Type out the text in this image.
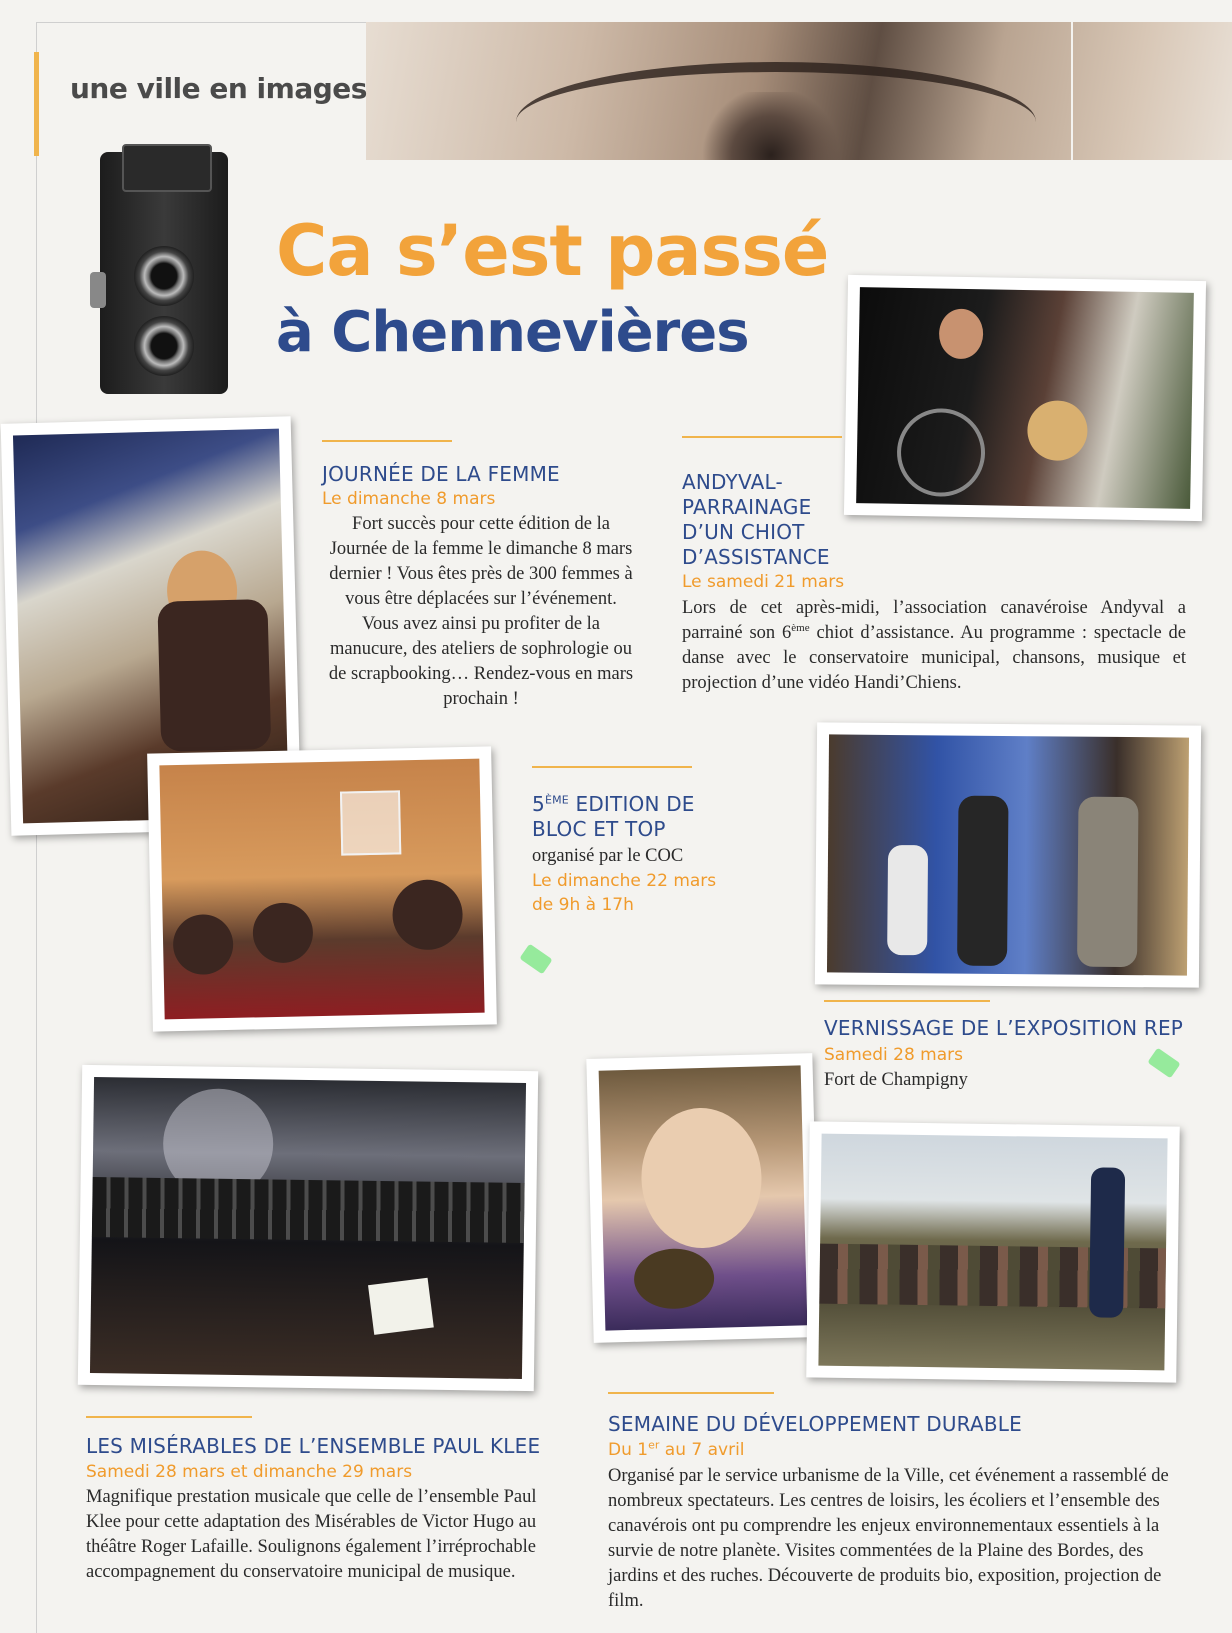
une ville en images
Ca s’est passé
à Chennevières
JOURNÉE DE LA FEMME
Le dimanche 8 mars
Fort succès pour cette édition de la Journée de la femme le dimanche 8 mars dernier ! Vous êtes près de 300 femmes à vous être déplacées sur l’événement. Vous avez ainsi pu profiter de la manucure, des ateliers de sophrologie ou de scrapbooking… Rendez-vous en mars prochain !
ANDYVAL-
PARRAINAGE
D’UN CHIOT
D’ASSISTANCE
Le samedi 21 mars
Lors de cet après-midi, l’association canavéroise Andyval a parrainé son 6ème chiot d’assistance. Au programme : spectacle de danse avec le conservatoire municipal, chansons, musique et projection d’une vidéo Handi’Chiens.
5ÈME EDITION DE
BLOC ET TOP
organisé par le COC
Le dimanche 22 mars
de 9h à 17h
VERNISSAGE DE L’EXPOSITION REP
Samedi 28 mars
Fort de Champigny
LES MISÉRABLES DE L’ENSEMBLE PAUL KLEE
Samedi 28 mars et dimanche 29 mars
Magnifique prestation musicale que celle de l’ensemble Paul Klee pour cette adaptation des Misérables de Victor Hugo au théâtre Roger Lafaille. Soulignons également l’irréprochable accompagnement du conservatoire municipal de musique.
SEMAINE DU DÉVELOPPEMENT DURABLE
Du 1er au 7 avril
Organisé par le service urbanisme de la Ville, cet événement a rassemblé de nombreux spectateurs. Les centres de loisirs, les écoliers et l’ensemble des canavérois ont pu comprendre les enjeux environnementaux essentiels à la survie de notre planète. Visites commentées de la Plaine des Bordes, des jardins et des ruches. Découverte de produits bio, exposition, projection de film.
